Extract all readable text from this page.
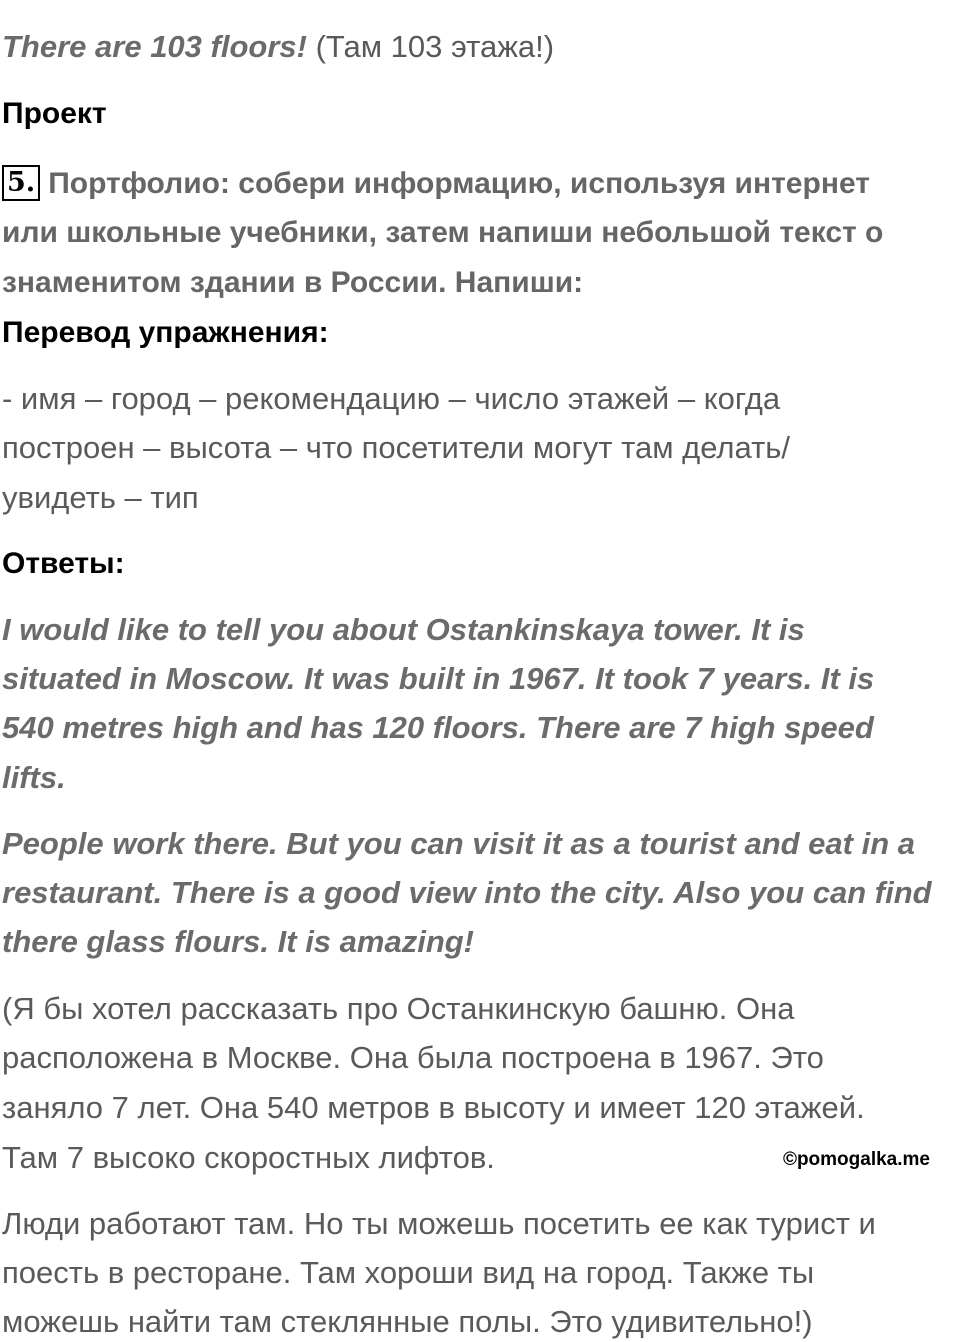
There are 103 floors! (Там 103 этажа!)
Проект
5. Портфолио: собери информацию, используя интернет
или школьные учебники, затем напиши небольшой текст о
знаменитом здании в России. Напиши:
Перевод упражнения:
- имя – город – рекомендацию – число этажей – когда
построен – высота – что посетители могут там делать/
увидеть – тип
Ответы:
I would like to tell you about Ostankinskaya tower. It is
situated in Moscow. It was built in 1967. It took 7 years. It is
540 metres high and has 120 floors. There are 7 high speed
lifts.
People work there. But you can visit it as a tourist and eat in a
restaurant. There is a good view into the city. Also you can find
there glass flours. It is amazing!
(Я бы хотел рассказать про Останкинскую башню. Она
расположена в Москве. Она была построена в 1967. Это
заняло 7 лет. Она 540 метров в высоту и имеет 120 этажей.
Там 7 высоко скоростных лифтов.
Люди работают там. Но ты можешь посетить ее как турист и
поесть в ресторане. Там хороши вид на город. Также ты
можешь найти там стеклянные полы. Это удивительно!)
©pomogalka.me
